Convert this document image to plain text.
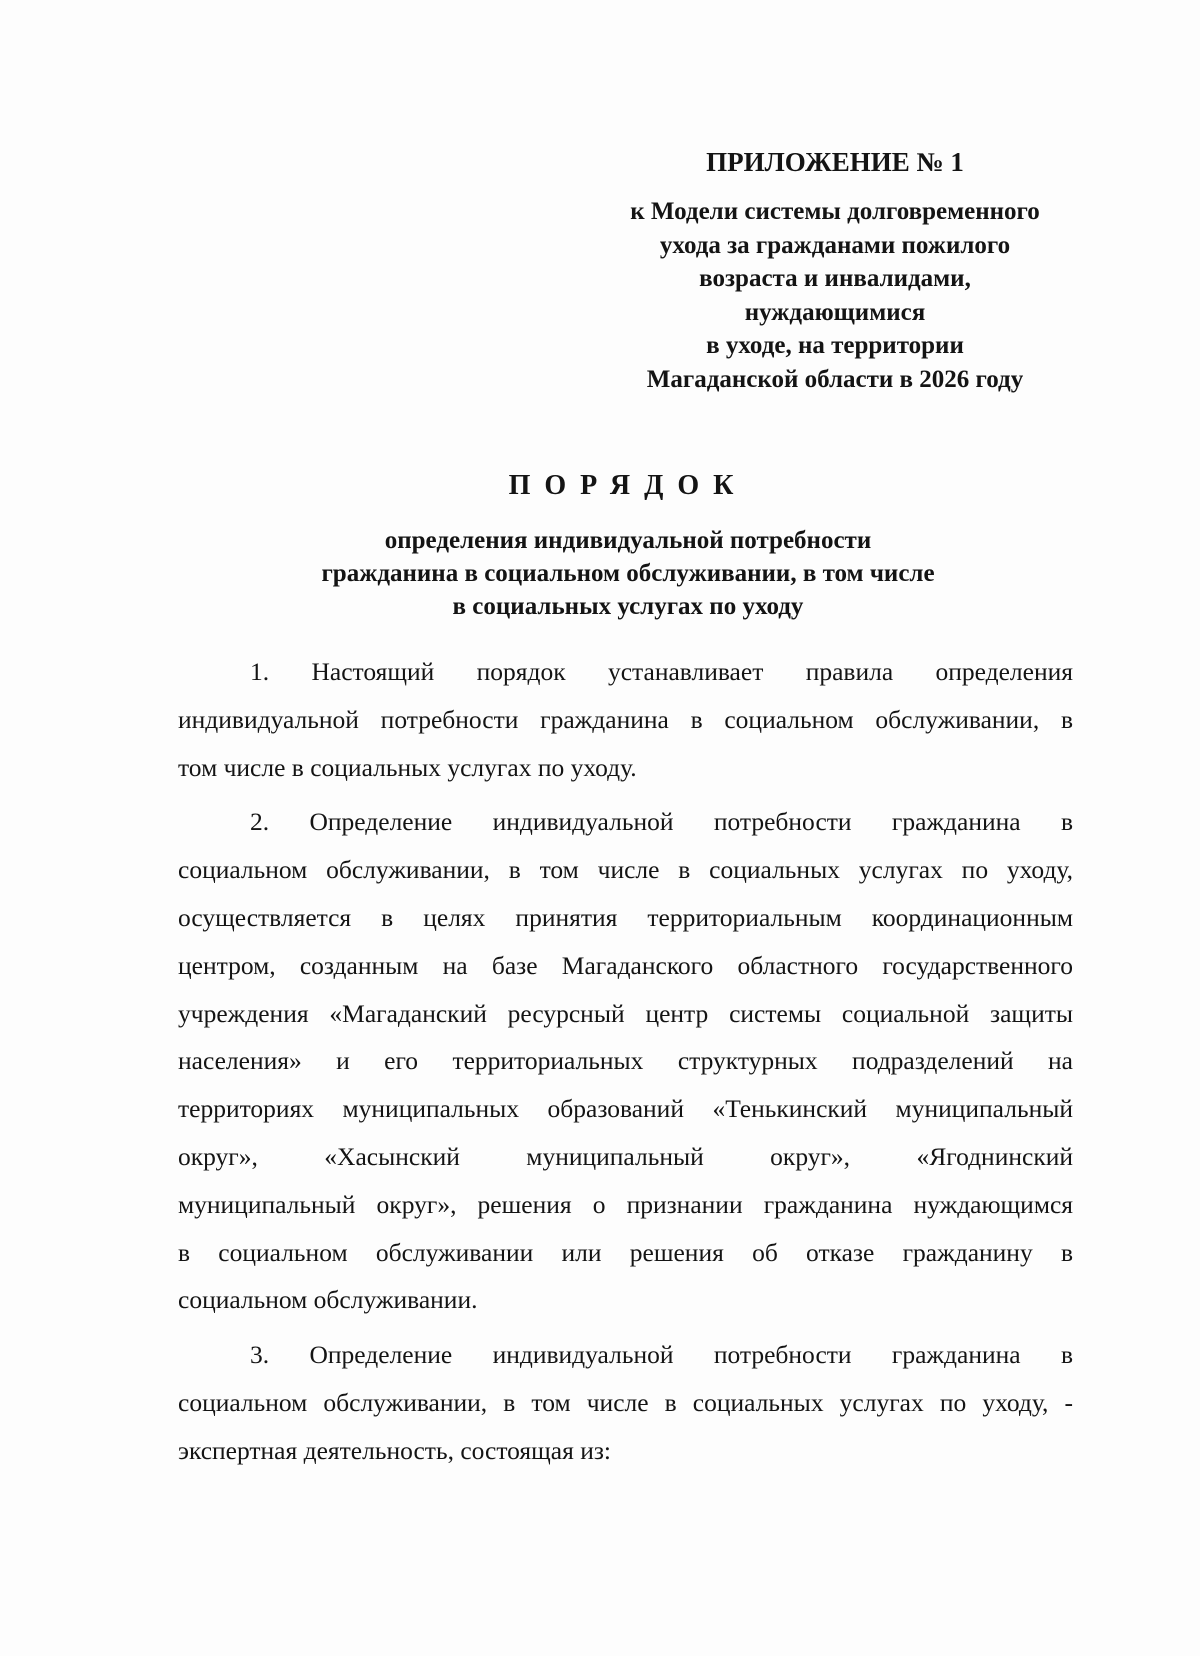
ПРИЛОЖЕНИЕ № 1

к Модели системы долговременного

ухода за гражданами пожилого

возраста и инвалидами,

нуждающимися

в уходе, на территории

Магаданской области в 2026 году

ПОРЯДОК

определения индивидуальной потребности

гражданина в социальном обслуживании, в том числе

в социальных услугах по уходу

1. Настоящий порядок устанавливает правила определения
индивидуальной потребности гражданина в социальном обслуживании, в
том числе в социальных услугах по уходу.
2. Определение индивидуальной потребности гражданина в
социальном обслуживании, в том числе в социальных услугах по уходу,
осуществляется в целях принятия территориальным координационным
центром, созданным на базе Магаданского областного государственного
учреждения «Магаданский ресурсный центр системы социальной защиты
населения» и его территориальных структурных подразделений на
территориях муниципальных образований «Тенькинский муниципальный
округ», «Хасынский муниципальный округ», «Ягоднинский
муниципальный округ», решения о признании гражданина нуждающимся
в социальном обслуживании или решения об отказе гражданину в
социальном обслуживании.
3. Определение индивидуальной потребности гражданина в
социальном обслуживании, в том числе в социальных услугах по уходу, -
экспертная деятельность, состоящая из:
